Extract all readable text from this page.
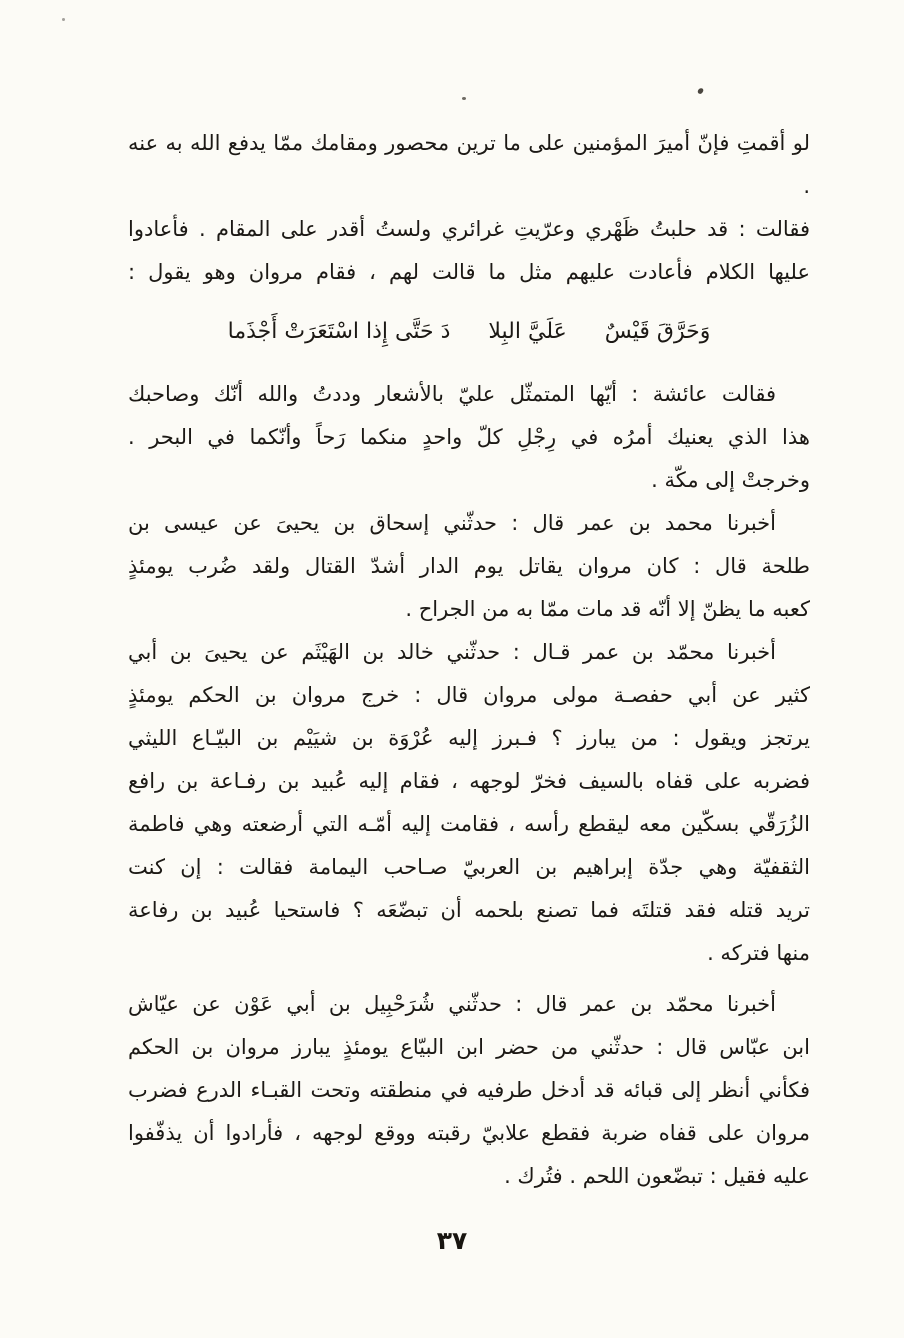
لو أقمتِ فإنّ أميرَ المؤمنين على ما ترين محصور ومقامك ممّا يدفع الله به عنه .
فقالت : قد حلبتُ ظَهْري وعرّيتِ غرائري ولستُ أقدر على المقام . فأعادوا
عليها الكلام فأعادت عليهم مثل ما قالت لهم ، فقام مروان وهو يقول :
وَحَرَّقَ قَيْسٌ
عَلَيَّ البِلا
دَ حَتَّى إِذا اسْتَعَرَتْ أَجْذَما
فقالت عائشة : أيّها المتمثّل عليّ بالأشعار وددتُ والله أنّك وصاحبك
هذا الذي يعنيك أمرُه في رِجْلِ كلّ واحدٍ منكما رَحاً وأنّكما في البحر .
وخرجتْ إلى مكّة .
أخبرنا محمد بن عمر قال : حدثّني إسحاق بن يحيىَ عن عيسى بن
طلحة قال : كان مروان يقاتل يوم الدار أشدّ القتال ولقد ضُرب يومئذٍ
كعبه ما يظنّ إلا أنّه قد مات ممّا به من الجراح .
أخبرنا محمّد بن عمر قـال : حدثّني خالد بن الهَيْثَم عن يحيىَ بن أبي
كثير عن أبي حفصـة مولى مروان قال : خرج مروان بن الحكم يومئذٍ
يرتجز ويقول : من يبارز ؟ فـبرز إليه عُرْوَة بن شيَيْم بن البيّـاع الليثي
فضربه على قفاه بالسيف فخرّ لوجهه ، فقام إليه عُبيد بن رفـاعة بن رافع
الزُرَقّي بسكّين معه ليقطع رأسه ، فقامت إليه أمّـه التي أرضعته وهي فاطمة
الثقفيّة وهي جدّة إبراهيم بن العربيّ صـاحب اليمامة فقالت : إن كنت
تريد قتله فقد قتلتَه فما تصنع بلحمه أن تبضّعَه ؟ فاستحيا عُبيد بن رفاعة
منها فتركه .
أخبرنا محمّد بن عمر قال : حدثّني شُرَحْبِيل بن أبي عَوْن عن عيّاش
ابن عبّاس قال : حدثّني من حضر ابن البيّاع يومئذٍ يبارز مروان بن الحكم
فكأني أنظر إلى قبائه قد أدخل طرفيه في منطقته وتحت القبـاء الدرع فضرب
مروان على قفاه ضربة فقطع علابيّ رقبته ووقع لوجهه ، فأرادوا أن يذفّفوا
عليه فقيل : تبضّعون اللحم . فتُرك .
٣٧
